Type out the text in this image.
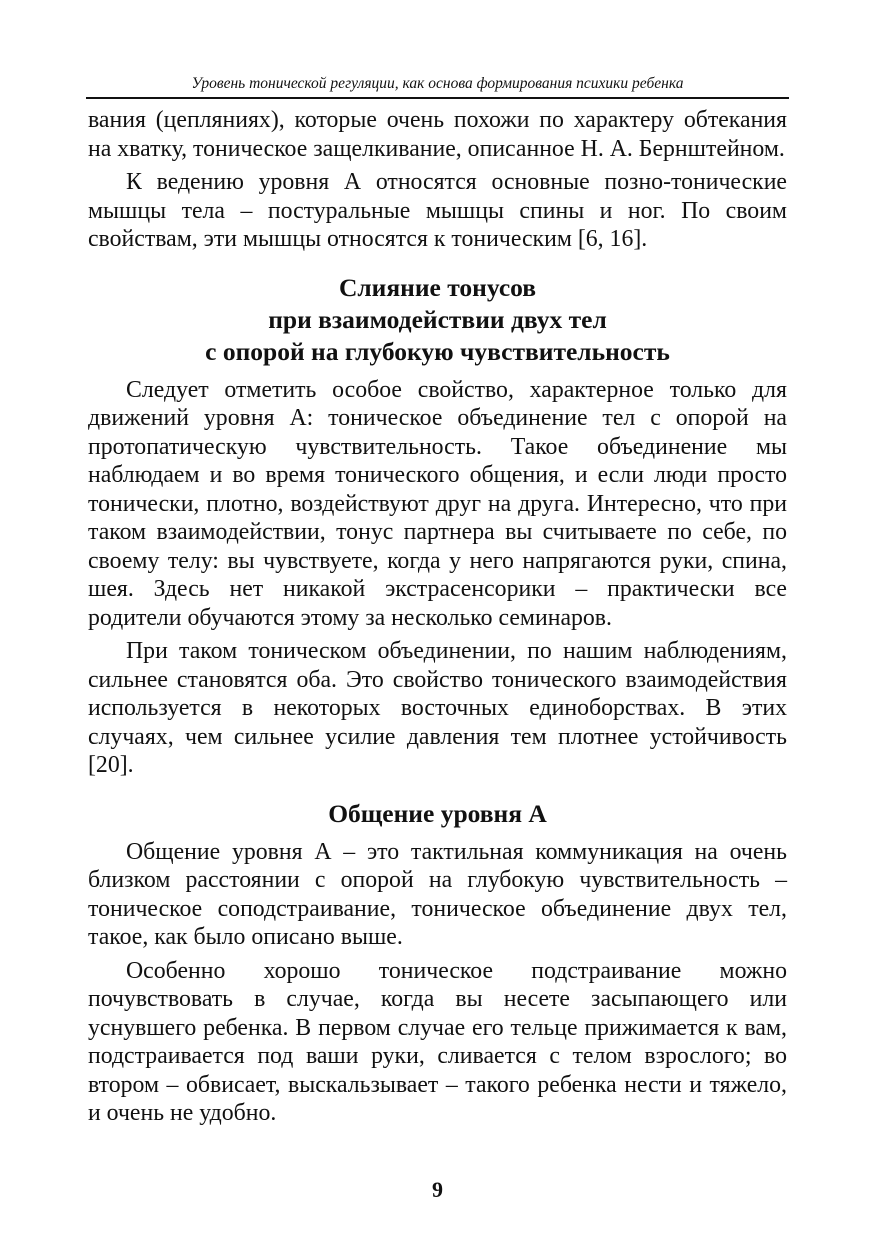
Уровень тонической регуляции, как основа формирования психики ребенка

вания (цепляниях), которые очень похожи по характеру обтекания на хватку, тоническое защелкивание, описанное Н. А. Бернштейном.

К ведению уровня А относятся основные позно-тонические мышцы тела – постуральные мышцы спины и ног. По своим свойствам, эти мышцы относятся к тоническим [6, 16].

Слияние тонусов
при взаимодействии двух тел
с опорой на глубокую чувствительность

Следует отметить особое свойство, характерное только для движений уровня А: тоническое объединение тел с опорой на протопатическую чувствительность. Такое объединение мы наблюдаем и во время тонического общения, и если люди просто тонически, плотно, воздействуют друг на друга. Интересно, что при таком взаимодействии, тонус партнера вы считываете по себе, по своему телу: вы чувствуете, когда у него напрягаются руки, спина, шея. Здесь нет никакой экстрасенсорики – практически все родители обучаются этому за несколько семинаров.

При таком тоническом объединении, по нашим наблюдениям, сильнее становятся оба. Это свойство тонического взаимодействия используется в некоторых восточных единоборствах. В этих случаях, чем сильнее усилие давления тем плотнее устойчивость [20].

Общение уровня А

Общение уровня А – это тактильная коммуникация на очень близком расстоянии с опорой на глубокую чувствительность – тоническое соподстраивание, тоническое объединение двух тел, такое, как было описано выше.

Особенно хорошо тоническое подстраивание можно почувствовать в случае, когда вы несете засыпающего или уснувшего ребенка. В первом случае его тельце прижимается к вам, подстраивается под ваши руки, сливается с телом взрослого; во втором – обвисает, выскальзывает – такого ребенка нести и тяжело, и очень не удобно.

9
